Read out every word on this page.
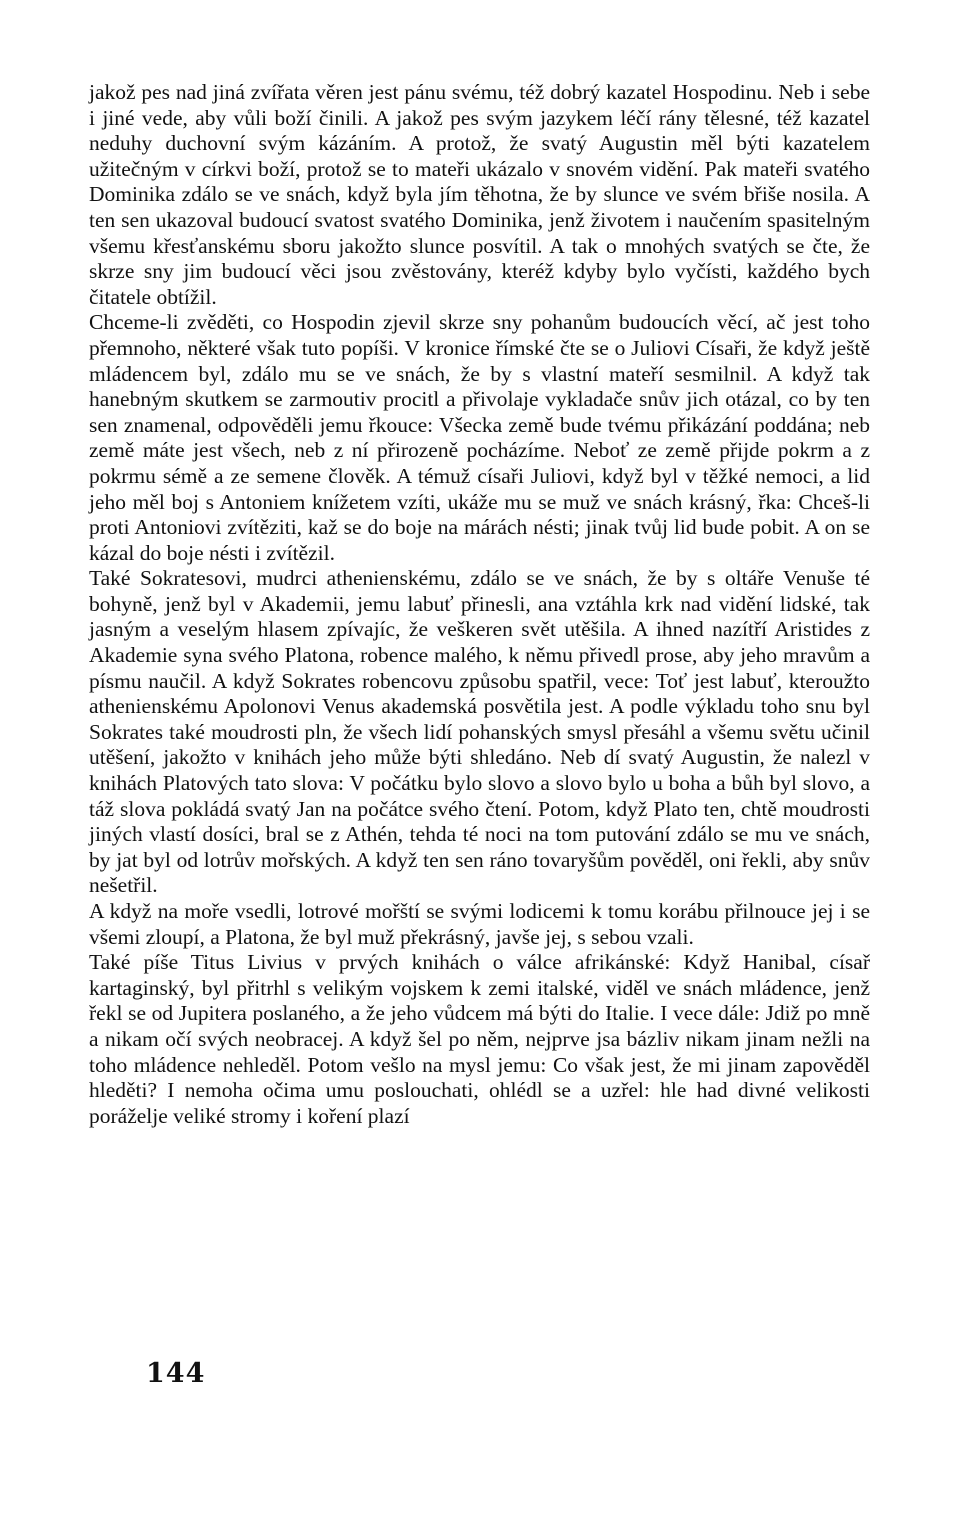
jakož pes nad jiná zvířata věren jest pánu svému, též dobrý kazatel Hospodinu. Neb i sebe i jiné vede, aby vůli boží činili. A jakož pes svým jazykem léčí rány tělesné, též kazatel neduhy duchovní svým kázáním. A protož, že svatý Augustin měl býti kazatelem užitečným v církvi boží, protož se to mateři ukázalo v snovém vidění. Pak mateři svatého Dominika zdálo se ve snách, když byla jím těhotna, že by slunce ve svém břiše nosila. A ten sen ukazoval budoucí svatost svatého Dominika, jenž životem i naučením spasitelným všemu křesťanskému sboru jakožto slunce posvítil. A tak o mnohých svatých se čte, že skrze sny jim budoucí věci jsou zvěstovány, kteréž kdyby bylo vyčísti, každého bych čitatele obtížil.

Chceme-li zvěděti, co Hospodin zjevil skrze sny pohanům budoucích věcí, ač jest toho přemnoho, některé však tuto popíši. V kronice římské čte se o Juliovi Císaři, že když ještě mládencem byl, zdálo mu se ve snách, že by s vlastní mateří sesmilnil. A když tak hanebným skutkem se zarmoutiv procitl a přivolaje vykladače snův jich otázal, co by ten sen znamenal, odpověděli jemu řkouce: Všecka země bude tvému přikázání poddána; neb země máte jest všech, neb z ní přirozeně pocházíme. Neboť ze země přijde pokrm a z pokrmu sémě a ze semene člověk. A témuž císaři Juliovi, když byl v těžké nemoci, a lid jeho měl boj s Antoniem knížetem vzíti, ukáže mu se muž ve snách krásný, řka: Chceš-li proti Antoniovi zvítěziti, kaž se do boje na márách nésti; jinak tvůj lid bude pobit. A on se kázal do boje nésti i zvítězil.

Také Sokratesovi, mudrci athenienskému, zdálo se ve snách, že by s oltáře Venuše té bohyně, jenž byl v Akademii, jemu labuť přinesli, ana vztáhla krk nad vidění lidské, tak jasným a veselým hlasem zpívajíc, že veškeren svět utěšila. A ihned nazítří Aristides z Akademie syna svého Platona, robence malého, k němu přivedl prose, aby jeho mravům a písmu naučil. A když Sokrates robencovu způsobu spatřil, vece: Toť jest labuť, kteroužto athenienskému Apolonovi Venus akademská posvětila jest. A podle výkladu toho snu byl Sokrates také moudrosti pln, že všech lidí pohanských smysl přesáhl a všemu světu učinil utěšení, jakožto v knihách jeho může býti shledáno. Neb dí svatý Augustin, že nalezl v knihách Platových tato slova: V počátku bylo slovo a slovo bylo u boha a bůh byl slovo, a táž slova pokládá svatý Jan na počátce svého čtení. Potom, když Plato ten, chtě moudrosti jiných vlastí dosíci, bral se z Athén, tehda té noci na tom putování zdálo se mu ve snách, by jat byl od lotrův mořských. A když ten sen ráno tovaryšům pověděl, oni řekli, aby snův nešetřil.

A když na moře vsedli, lotrové mořští se svými lodicemi k tomu korábu přilnouce jej i se všemi zloupí, a Platona, že byl muž překrásný, javše jej, s sebou vzali.

Také píše Titus Livius v prvých knihách o válce afrikánské: Když Hanibal, císař kartaginský, byl přitrhl s velikým vojskem k zemi italské, viděl ve snách mládence, jenž řekl se od Jupitera poslaného, a že jeho vůdcem má býti do Italie. I vece dále: Jdiž po mně a nikam očí svých neobracej. A když šel po něm, nejprve jsa bázliv nikam jinam nežli na toho mládence nehleděl. Potom vešlo na mysl jemu: Co však jest, že mi jinam zapověděl hleděti? I nemoha očima umu poslouchati, ohlédl se a uzřel: hle had divné velikosti poráželje veliké stromy i koření plazí

144
